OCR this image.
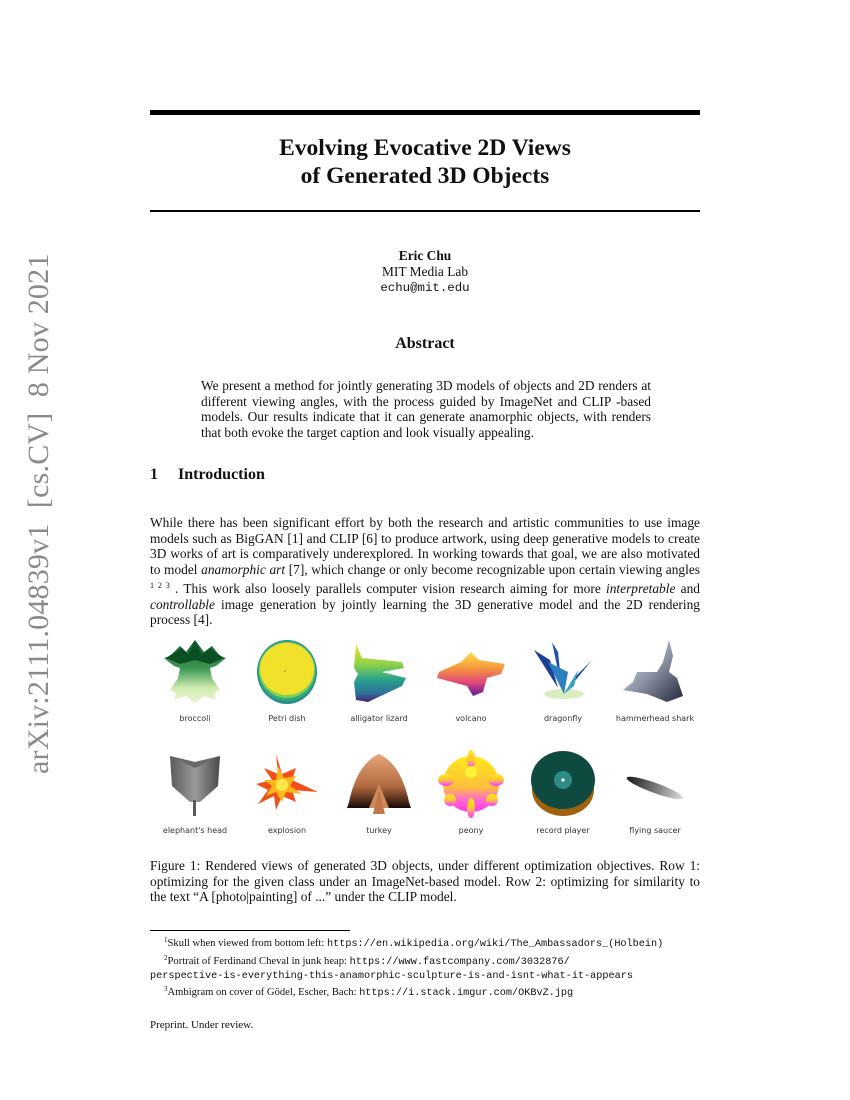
arXiv:2111.04839v1  [cs.CV]  8 Nov 2021
Evolving Evocative 2D Views
of Generated 3D Objects
Eric Chu
MIT Media Lab
echu@mit.edu
Abstract
We present a method for jointly generating 3D models of objects and 2D renders at different viewing angles, with the process guided by ImageNet and CLIP -based models. Our results indicate that it can generate anamorphic objects, with renders that both evoke the target caption and look visually appealing.
1 Introduction
While there has been significant effort by both the research and artistic communities to use image models such as BigGAN [1] and CLIP [6] to produce artwork, using deep generative models to create 3D works of art is comparatively underexplored. In working towards that goal, we are also motivated to model anamorphic art [7], which change or only become recognizable upon certain viewing angles $^{1 2 3}$ . This work also loosely parallels computer vision research aiming for more interpretable and controllable image generation by jointly learning the 3D generative model and the 2D rendering process [4].
broccoli	Petri dish	alligator lizard	volcano	dragonfly	hammerhead shark
elephant's head	explosion	turkey	peony	record player	flying saucer
Figure 1: Rendered views of generated 3D objects, under different optimization objectives. Row 1: optimizing for the given class under an ImageNet-based model. Row 2: optimizing for similarity to the text “A [photo|painting] of ...” under the CLIP model.
$^1$Skull when viewed from bottom left: https://en.wikipedia.org/wiki/The_Ambassadors_(Holbein)
$^2$Portrait of Ferdinand Cheval in junk heap: https://www.fastcompany.com/3032876/
perspective-is-everything-this-anamorphic-sculpture-is-and-isnt-what-it-appears
$^3$Ambigram on cover of Gödel, Escher, Bach: https://i.stack.imgur.com/OKBvZ.jpg
Preprint. Under review.
